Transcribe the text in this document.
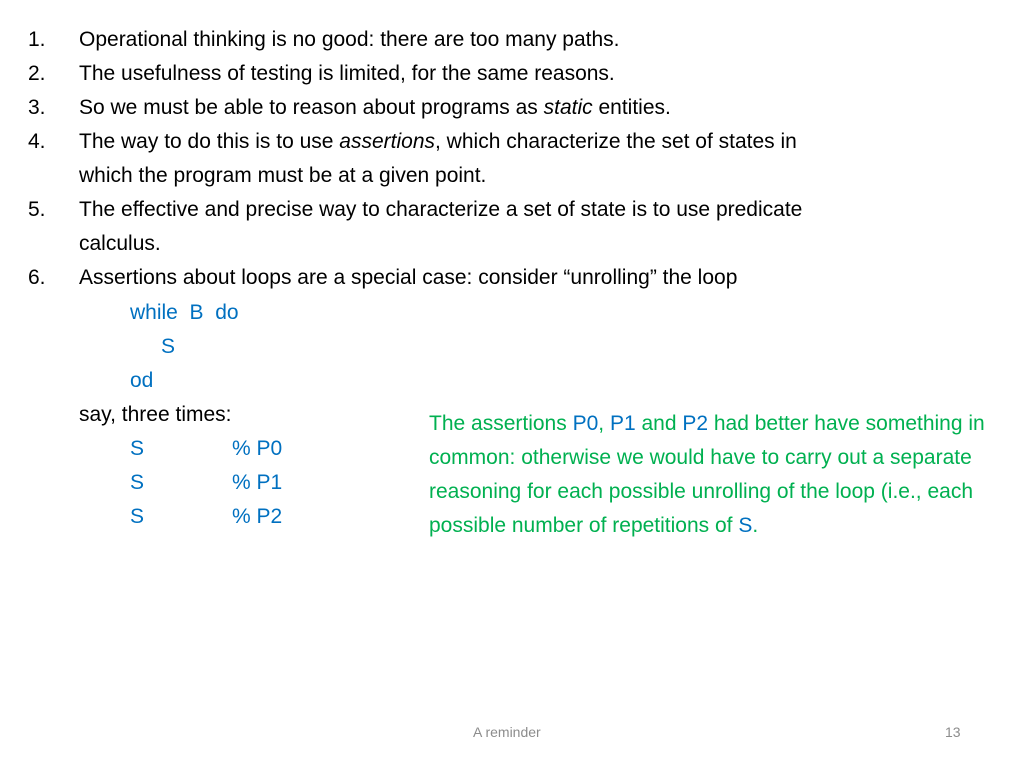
1.	Operational thinking is no good: there are too many paths.
2.	The usefulness of testing is limited, for the same reasons.
3.	So we must be able to reason about programs as static entities.
4.	The way to do this is to use assertions, which characterize the set of states in
which the program must be at a given point.
5.	The effective and precise way to characterize a set of state is to use predicate
calculus.
6.	Assertions about loops are a special case: consider “unrolling” the loop
while  B  do
S
od
say, three times:
S	% P0
S	% P1
S	% P2
The assertions P0, P1 and P2 had better have something in common: otherwise we would have to carry out a separate reasoning for each possible unrolling of the loop (i.e., each possible number of repetitions of S.
A reminder	13
